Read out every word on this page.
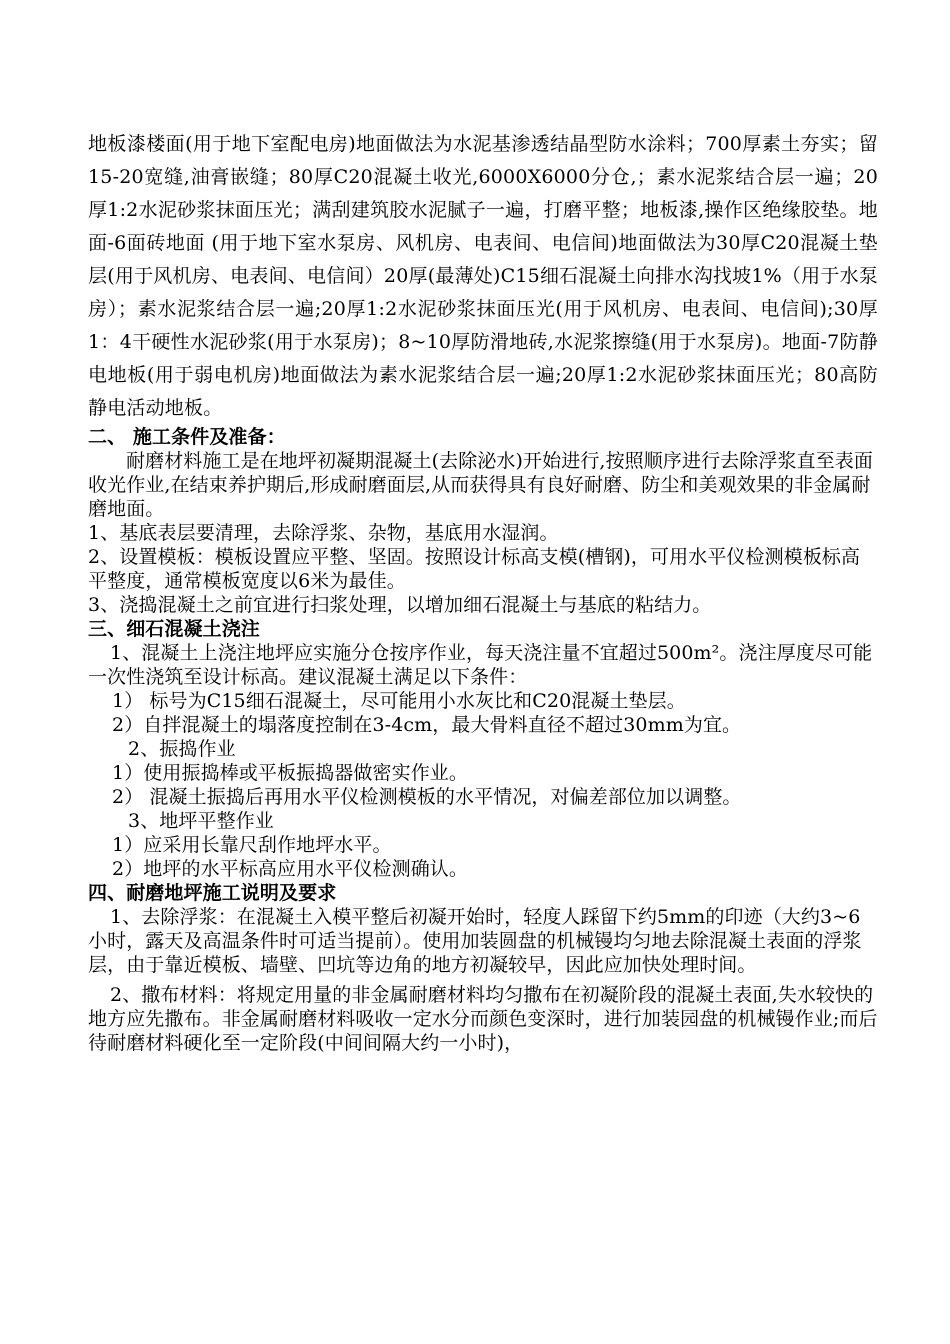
地板漆楼面(用于地下室配电房)地面做法为水泥基渗透结晶型防水涂料；700厚素土夯实；留15-20宽缝,油膏嵌缝；80厚C20混凝土收光,6000X6000分仓,；素水泥浆结合层一遍；20厚1:2水泥砂浆抹面压光；满刮建筑胶水泥腻子一遍，打磨平整；地板漆,操作区绝缘胶垫。地面-6面砖地面 (用于地下室水泵房、风机房、电表间、电信间)地面做法为30厚C20混凝土垫层(用于风机房、电表间、电信间）20厚(最薄处)C15细石混凝土向排水沟找坡1%（用于水泵房）；素水泥浆结合层一遍;20厚1:2水泥砂浆抹面压光(用于风机房、电表间、电信间);30厚1：4干硬性水泥砂浆(用于水泵房)；8~10厚防滑地砖,水泥浆擦缝(用于水泵房)。地面-7防静电地板(用于弱电机房)地面做法为素水泥浆结合层一遍;20厚1:2水泥砂浆抹面压光；80高防静电活动地板。

二、 施工条件及准备：

耐磨材料施工是在地坪初凝期混凝土(去除泌水)开始进行,按照顺序进行去除浮浆直至表面收光作业,在结束养护期后,形成耐磨面层,从而获得具有良好耐磨、防尘和美观效果的非金属耐磨地面。

1、基底表层要清理，去除浮浆、杂物，基底用水湿润。

2、设置模板：模板设置应平整、坚固。按照设计标高支模(槽钢)，可用水平仪检测模板标高平整度，通常模板宽度以6米为最佳。

3、浇捣混凝土之前宜进行扫浆处理，以增加细石混凝土与基底的粘结力。

三、细石混凝土浇注

1、混凝土上浇注地坪应实施分仓按序作业，每天浇注量不宜超过500m²。浇注厚度尽可能一次性浇筑至设计标高。建议混凝土满足以下条件：

1） 标号为C15细石混凝土，尽可能用小水灰比和C20混凝土垫层。

2）自拌混凝土的塌落度控制在3-4cm，最大骨料直径不超过30mm为宜。

2、振捣作业

1）使用振捣棒或平板振捣器做密实作业。

2） 混凝土振捣后再用水平仪检测模板的水平情况，对偏差部位加以调整。

3、地坪平整作业

1）应采用长靠尺刮作地坪水平。

2）地坪的水平标高应用水平仪检测确认。

四、耐磨地坪施工说明及要求

1、去除浮浆：在混凝土入模平整后初凝开始时，轻度人踩留下约5mm的印迹（大约3~6小时，露天及高温条件时可适当提前）。使用加装圆盘的机械镘均匀地去除混凝土表面的浮浆层，由于靠近模板、墙壁、凹坑等边角的地方初凝较早，因此应加快处理时间。

2、撒布材料：将规定用量的非金属耐磨材料均匀撒布在初凝阶段的混凝土表面,失水较快的地方应先撒布。非金属耐磨材料吸收一定水分而颜色变深时，进行加装园盘的机械镘作业;而后待耐磨材料硬化至一定阶段(中间间隔大约一小时)，
